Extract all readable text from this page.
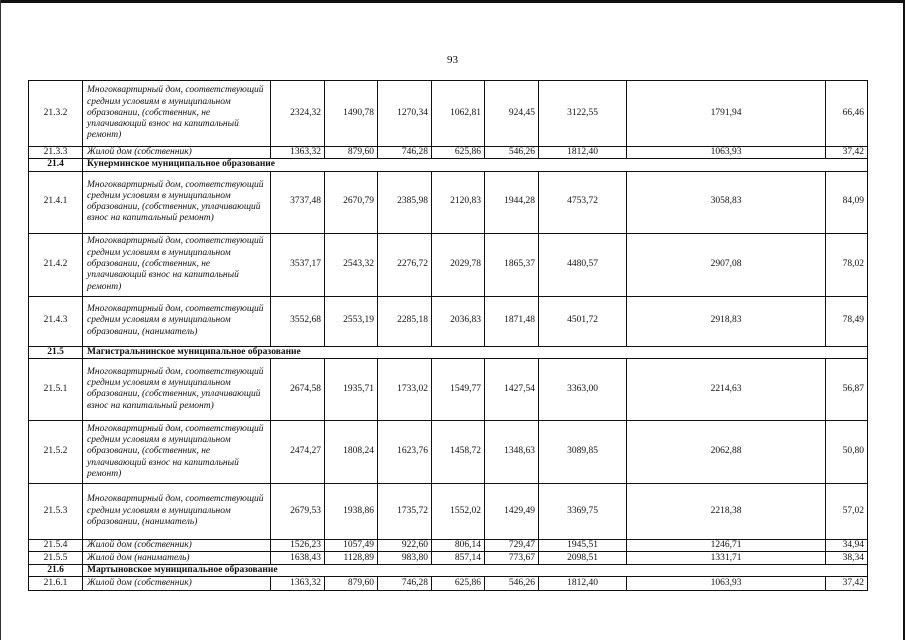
93
21.3.2	Многоквартирный дом, соответствующий средним условиям в муниципальном образовании, (собственник, не уплачивающий взнос на капитальный ремонт)	2324,32	1490,78	1270,34	1062,81	924,45	3122,55	1791,94	66,46
21.3.3	Жилой дом (собственник)	1363,32	879,60	746,28	625,86	546,26	1812,40	1063,93	37,42
21.4	Кунерминское муниципальное образование								
21.4.1	Многоквартирный дом, соответствующий средним условиям в муниципальном образовании, (собственник, уплачивающий взнос на капитальный ремонт)	3737,48	2670,79	2385,98	2120,83	1944,28	4753,72	3058,83	84,09
21.4.2	Многоквартирный дом, соответствующий средним условиям в муниципальном образовании, (собственник, не уплачивающий взнос на капитальный ремонт)	3537,17	2543,32	2276,72	2029,78	1865,37	4480,57	2907,08	78,02
21.4.3	Многоквартирный дом, соответствующий средним условиям в муниципальном образовании, (наниматель)	3552,68	2553,19	2285,18	2036,83	1871,48	4501,72	2918,83	78,49
21.5	Магистральнинское муниципальное образование								
21.5.1	Многоквартирный дом, соответствующий средним условиям в муниципальном образовании, (собственник, уплачивающий взнос на капитальный ремонт)	2674,58	1935,71	1733,02	1549,77	1427,54	3363,00	2214,63	56,87
21.5.2	Многоквартирный дом, соответствующий средним условиям в муниципальном образовании, (собственник, не уплачивающий взнос на капитальный ремонт)	2474,27	1808,24	1623,76	1458,72	1348,63	3089,85	2062,88	50,80
21.5.3	Многоквартирный дом, соответствующий средним условиям в муниципальном образовании, (наниматель)	2679,53	1938,86	1735,72	1552,02	1429,49	3369,75	2218,38	57,02
21.5.4	Жилой дом (собственник)	1526,23	1057,49	922,60	806,14	729,47	1945,51	1246,71	34,94
21.5.5	Жилой дом (наниматель)	1638,43	1128,89	983,80	857,14	773,67	2098,51	1331,71	38,34
21.6	Мартыновское муниципальное образование								
21.6.1	Жилой дом (собственник)	1363,32	879,60	746,28	625,86	546,26	1812,40	1063,93	37,42
